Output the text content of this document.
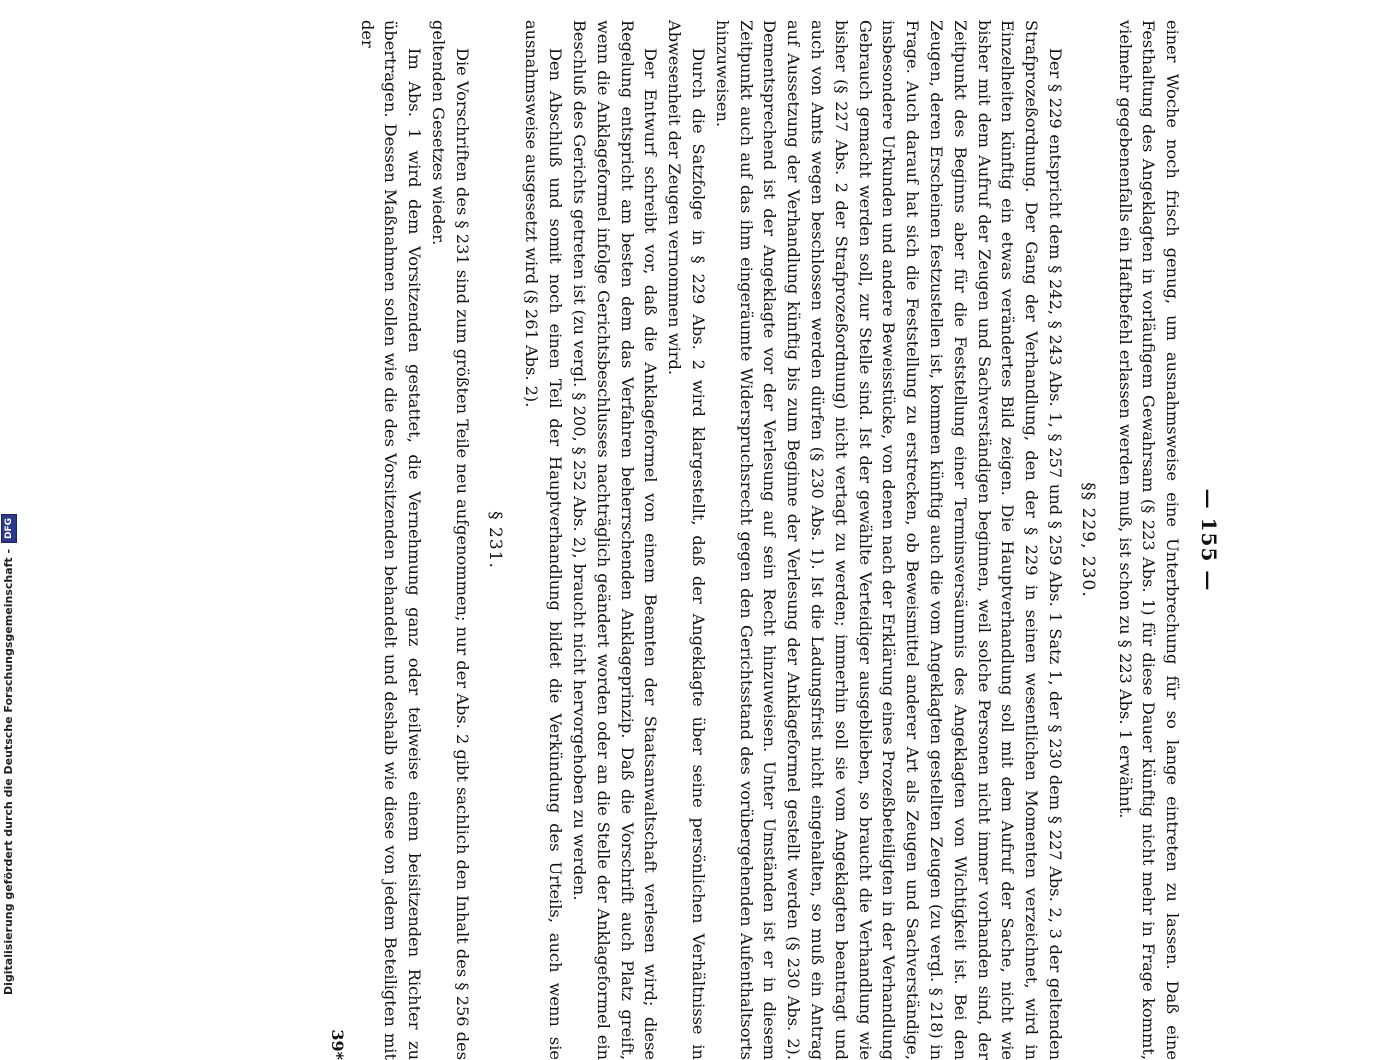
Digitalisierung gefördert durch die Deutsche Forschungsgemeinschaft -DFG	— 155 —

einer Woche noch frisch genug, um ausnahmsweise eine Unterbrechung für so lange eintreten zu lassen. Daß eine Festhaltung des Angeklagten in vorläufigem Gewahrsam (§ 223 Abs. 1) für diese Dauer künftig nicht mehr in Frage kommt, vielmehr gegebenenfalls ein Haftbefehl erlassen werden muß, ist schon zu § 223 Abs. 1 erwähnt.

§§ 229, 230.

Der § 229 entspricht dem § 242, § 243 Abs. 1, § 257 und § 259 Abs. 1 Satz 1, der § 230 dem § 227 Abs. 2, 3 der geltenden Strafprozeßordnung. Der Gang der Verhandlung, den der § 229 in seinen wesentlichen Momenten verzeichnet, wird in Einzelheiten künftig ein etwas verändertes Bild zeigen. Die Hauptverhandlung soll mit dem Aufruf der Sache, nicht wie bisher mit dem Aufruf der Zeugen und Sachverständigen beginnen, weil solche Personen nicht immer vorhanden sind, der Zeitpunkt des Beginns aber für die Feststellung einer Terminsversäumnis des Angeklagten von Wichtigkeit ist. Bei den Zeugen, deren Erscheinen festzustellen ist, kommen künftig auch die vom Angeklagten gestellten Zeugen (zu vergl. § 218) in Frage. Auch darauf hat sich die Feststellung zu erstrecken, ob Beweismittel anderer Art als Zeugen und Sachverständige, insbesondere Urkunden und andere Beweisstücke, von denen nach der Erklärung eines Prozeßbeteiligten in der Verhandlung Gebrauch gemacht werden soll, zur Stelle sind. Ist der gewählte Verteidiger ausgeblieben, so braucht die Verhandlung wie bisher (§ 227 Abs. 2 der Strafprozeßordnung) nicht vertagt zu werden; immerhin soll sie vom Angeklagten beantragt und auch von Amts wegen beschlossen werden dürfen (§ 230 Abs. 1). Ist die Ladungsfrist nicht eingehalten, so muß ein Antrag auf Aussetzung der Verhandlung künftig bis zum Beginne der Verlesung der Anklageformel gestellt werden (§ 230 Abs. 2). Dementsprechend ist der Angeklagte vor der Verlesung auf sein Recht hinzuweisen. Unter Umständen ist er in diesem Zeitpunkt auch auf das ihm eingeräumte Widerspruchsrecht gegen den Gerichtsstand des vorübergehenden Aufenthaltsorts hinzuweisen.

Durch die Satzfolge in § 229 Abs. 2 wird klargestellt, daß der Angeklagte über seine persönlichen Verhältnisse in Abwesenheit der Zeugen vernommen wird.

Der Entwurf schreibt vor, daß die Anklageformel von einem Beamten der Staatsanwaltschaft verlesen wird; diese Regelung entspricht am besten dem das Verfahren beherrschenden Anklageprinzip. Daß die Vorschrift auch Platz greift, wenn die Anklageformel infolge Gerichtsbeschlusses nachträglich geändert worden oder an die Stelle der Anklageformel ein Beschluß des Gerichts getreten ist (zu vergl. § 200, § 252 Abs. 2), braucht nicht hervorgehoben zu werden.

Den Abschluß und somit noch einen Teil der Hauptverhandlung bildet die Verkündung des Urteils, auch wenn sie ausnahmsweise ausgesetzt wird (§ 261 Abs. 2).

§ 231.

Die Vorschriften des § 231 sind zum größten Teile neu aufgenommen; nur der Abs. 2 gibt sachlich den Inhalt des § 256 des geltenden Gesetzes wieder.

Im Abs. 1 wird dem Vorsitzenden gestattet, die Vernehmung ganz oder teilweise einem beisitzenden Richter zu übertragen. Dessen Maßnahmen sollen wie die des Vorsitzenden behandelt und deshalb wie diese von jedem Beteiligten mit der

39*
